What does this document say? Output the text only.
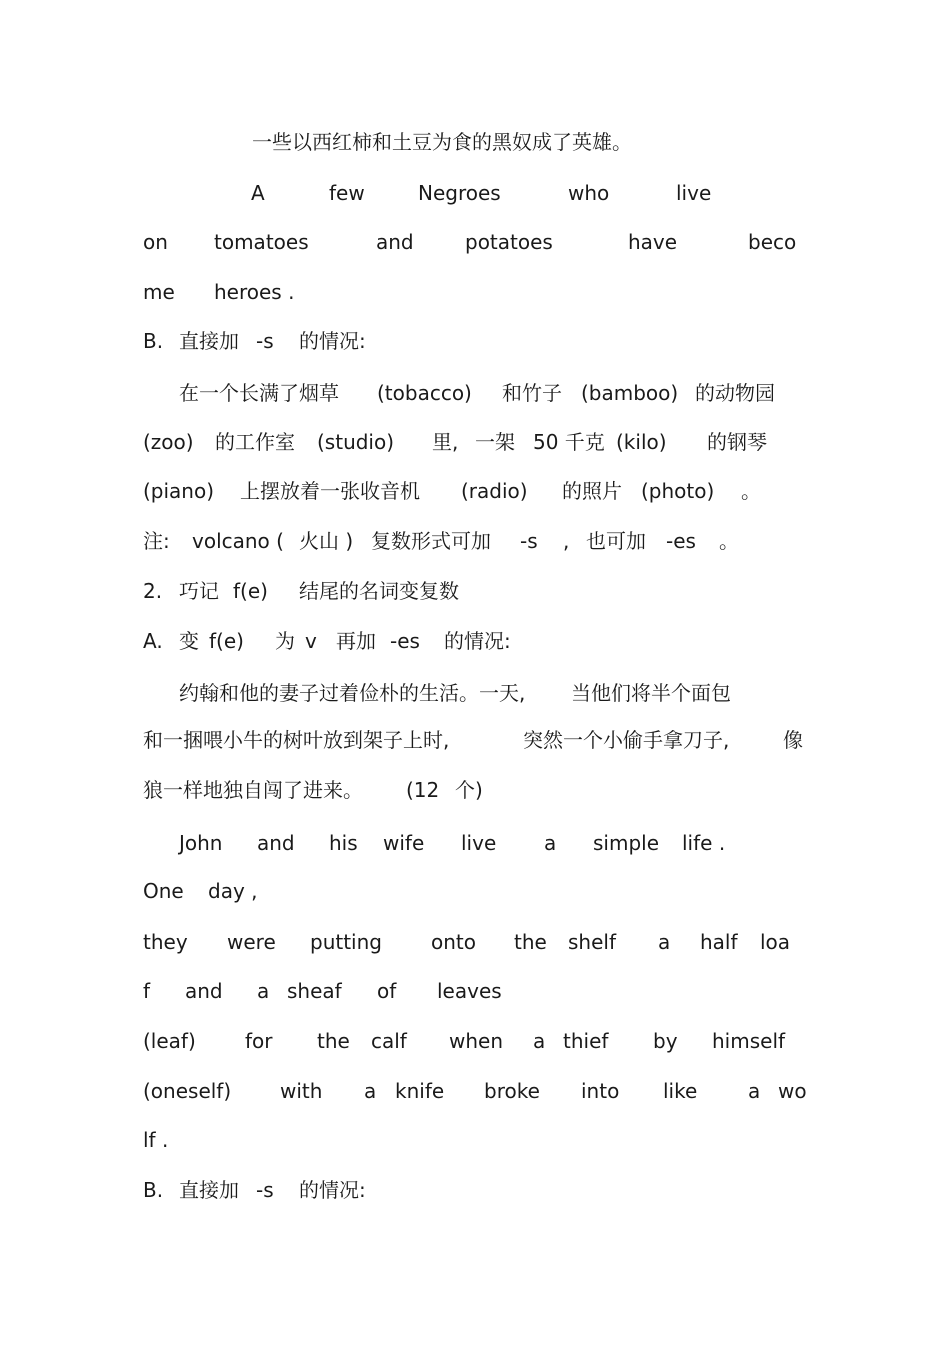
一些以西红柿和土豆为食的黑奴成了英雄。
A	few	Negroes	who	live
on tomatoes	and	potatoes	have	beco
me heroes .
B. 直接加 -s 的情况:
在一个长满了烟草 (tobacco) 和竹子 (bamboo) 的动物园
(zoo) 的工作室 (studio) 里, 一架 50 千克 (kilo) 的钢琴
(piano) 上摆放着一张收音机 (radio) 的照片 (photo) 。
注: volcano ( 火山 ) 复数形式可加 -s , 也可加 -es 。
2. 巧记 f(e) 结尾的名词变复数
A. 变 f(e) 为 v 再加 -es 的情况:
约翰和他的妻子过着俭朴的生活。一天, 当他们将半个面包
和一捆喂小牛的树叶放到架子上时,	突然一个小偷手拿刀子,	像
狼一样地独自闯了进来。 (12 个)
John and his wife live a simple life .
One day ,
they were putting onto the shelf a half loa
f and a sheaf of leaves
(leaf) for the calf when a thief by himself
(oneself) with a knife broke into like	a wo
lf .
B. 直接加 -s 的情况:
